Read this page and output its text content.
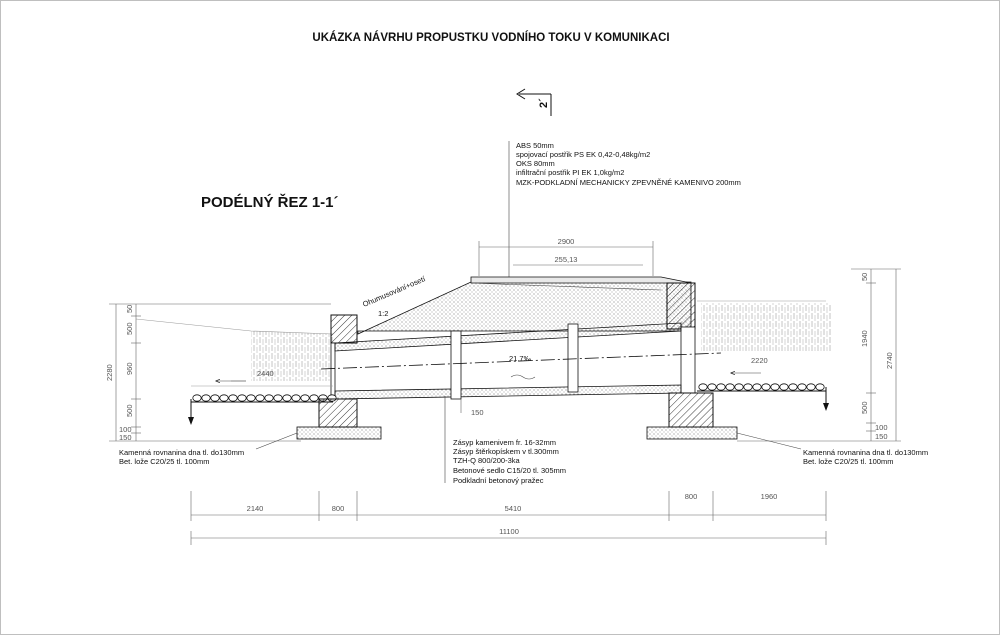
UKÁZKA NÁVRHU PROPUSTKU VODNÍHO TOKU V KOMUNIKACI
2´
PODÉLNÝ ŘEZ 1-1´
ABS 50mm
spojovací postřik PS EK 0,42-0,48kg/m2
OKS 80mm
infiltrační postřik PI EK 1,0kg/m2
MZK-PODKLADNÍ MECHANICKY ZPEVNĚNÉ KAMENIVO 200mm
2900
255,13
Ohumusování+osetí
1:2
21,7‰
150
2440
2220
50
500
960
500
100
150
2280
50
1940
500
100
150
2740
Zásyp kamenivem fr. 16-32mm
Zásyp štěrkopískem v tl.300mm
TZH-Q 800/200-3ka
Betonové sedlo C15/20 tl. 305mm
Podkladní betonový pražec
Kamenná rovnanina dna tl. do130mm
Bet. lože C20/25 tl. 100mm
Kamenná rovnanina dna tl. do130mm
Bet. lože C20/25 tl. 100mm
2140	800	5410
800	1960
11100
